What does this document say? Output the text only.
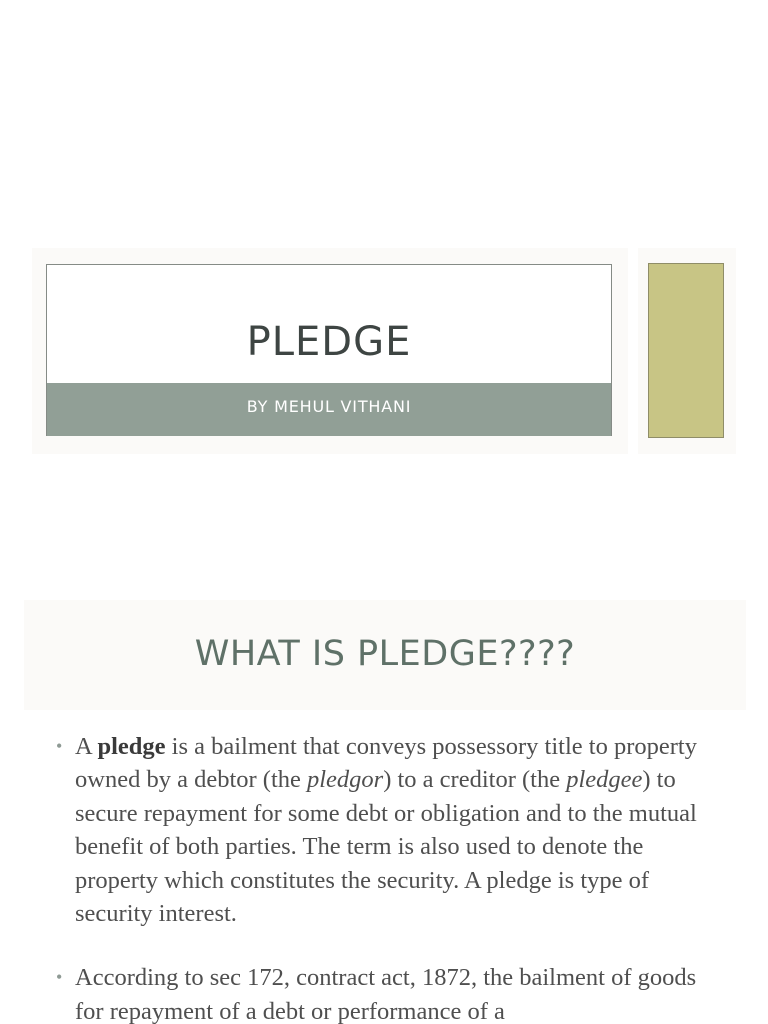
PLEDGE
BY MEHUL VITHANI
WHAT IS PLEDGE????
• A pledge is a bailment that conveys possessory title to property owned by a debtor (the pledgor) to a creditor (the pledgee) to secure repayment for some debt or obligation and to the mutual benefit of both parties. The term is also used to denote the property which constitutes the security. A pledge is type of security interest.
• According to sec 172, contract act, 1872, the bailment of goods for repayment of a debt or performance of a
